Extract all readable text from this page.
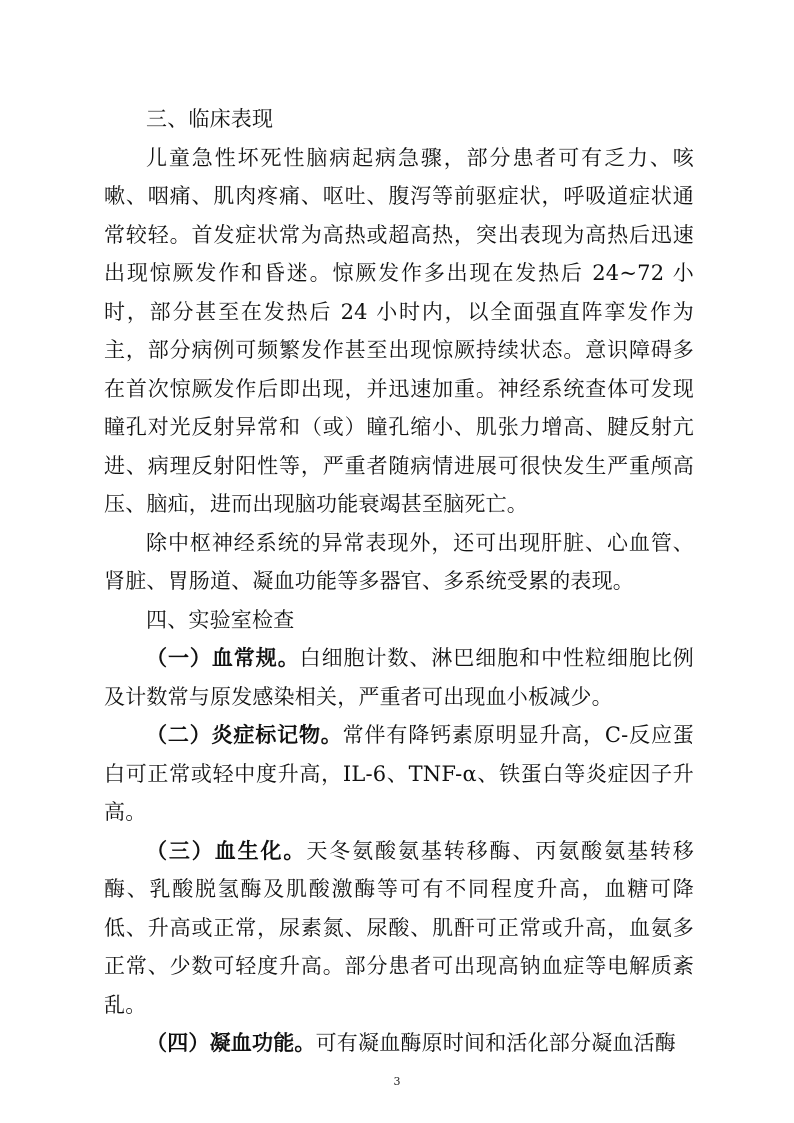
三、临床表现

儿童急性坏死性脑病起病急骤，部分患者可有乏力、咳嗽、咽痛、肌肉疼痛、呕吐、腹泻等前驱症状，呼吸道症状通常较轻。首发症状常为高热或超高热，突出表现为高热后迅速出现惊厥发作和昏迷。惊厥发作多出现在发热后 24~72 小时，部分甚至在发热后 24 小时内，以全面强直阵挛发作为主，部分病例可频繁发作甚至出现惊厥持续状态。意识障碍多在首次惊厥发作后即出现，并迅速加重。神经系统查体可发现瞳孔对光反射异常和（或）瞳孔缩小、肌张力增高、腱反射亢进、病理反射阳性等，严重者随病情进展可很快发生严重颅高压、脑疝，进而出现脑功能衰竭甚至脑死亡。

除中枢神经系统的异常表现外，还可出现肝脏、心血管、肾脏、胃肠道、凝血功能等多器官、多系统受累的表现。

四、实验室检查

（一）血常规。白细胞计数、淋巴细胞和中性粒细胞比例及计数常与原发感染相关，严重者可出现血小板减少。

（二）炎症标记物。常伴有降钙素原明显升高，C-反应蛋白可正常或轻中度升高，IL-6、TNF-α、铁蛋白等炎症因子升高。

（三）血生化。天冬氨酸氨基转移酶、丙氨酸氨基转移酶、乳酸脱氢酶及肌酸激酶等可有不同程度升高，血糖可降低、升高或正常，尿素氮、尿酸、肌酐可正常或升高，血氨多正常、少数可轻度升高。部分患者可出现高钠血症等电解质紊乱。

（四）凝血功能。可有凝血酶原时间和活化部分凝血活酶

3
